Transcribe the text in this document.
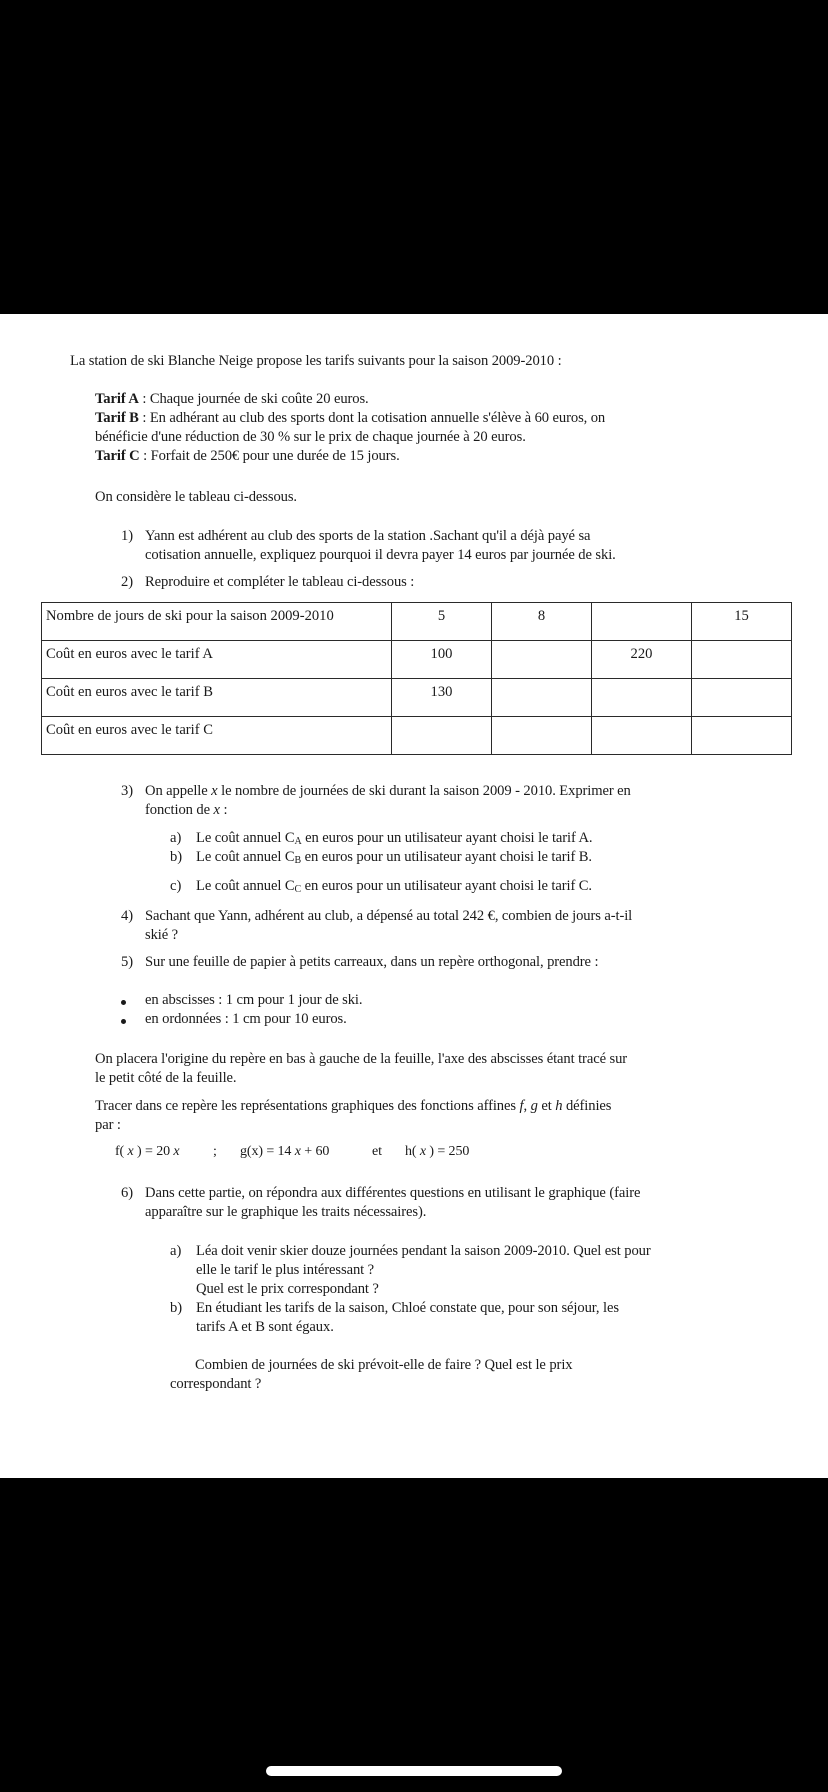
La station de ski Blanche Neige propose les tarifs suivants pour la saison 2009-2010 :
Tarif A : Chaque journée de ski coûte 20 euros.
Tarif B : En adhérant au club des sports dont la cotisation annuelle s'élève à 60 euros, on
bénéficie d'une réduction de 30 % sur le prix de chaque journée à 20 euros.
Tarif C : Forfait de 250€ pour une durée de 15 jours.
On considère le tableau ci-dessous.
1) Yann est adhérent au club des sports de la station .Sachant qu'il a déjà payé sa
cotisation annuelle, expliquez pourquoi il devra payer 14 euros par journée de ski.
2) Reproduire et compléter le tableau ci-dessous :
Nombre de jours de ski pour la saison 2009-2010	5	8		15
Coût en euros avec le tarif A	100		220	
Coût en euros avec le tarif B	130			
Coût en euros avec le tarif C				
3) On appelle x le nombre de journées de ski durant la saison 2009 - 2010. Exprimer en
fonction de x :
a) Le coût annuel CA en euros pour un utilisateur ayant choisi le tarif A.
b) Le coût annuel CB en euros pour un utilisateur ayant choisi le tarif B.
c) Le coût annuel CC en euros pour un utilisateur ayant choisi le tarif C.
4) Sachant que Yann, adhérent au club, a dépensé au total 242 €, combien de jours a-t-il
skié ?
5) Sur une feuille de papier à petits carreaux, dans un repère orthogonal, prendre :
en abscisses : 1 cm pour 1 jour de ski.
en ordonnées : 1 cm pour 10 euros.
On placera l'origine du repère en bas à gauche de la feuille, l'axe des abscisses étant tracé sur
le petit côté de la feuille.
Tracer dans ce repère les représentations graphiques des fonctions affines f, g et h définies
par :
f( x ) = 20 x ; g(x) = 14 x + 60	et h( x ) = 250
6) Dans cette partie, on répondra aux différentes questions en utilisant le graphique (faire
apparaître sur le graphique les traits nécessaires).
a) Léa doit venir skier douze journées pendant la saison 2009-2010. Quel est pour
elle le tarif le plus intéressant ?
Quel est le prix correspondant ?
b) En étudiant les tarifs de la saison, Chloé constate que, pour son séjour, les
tarifs A et B sont égaux.
Combien de journées de ski prévoit-elle de faire ? Quel est le prix
correspondant ?
